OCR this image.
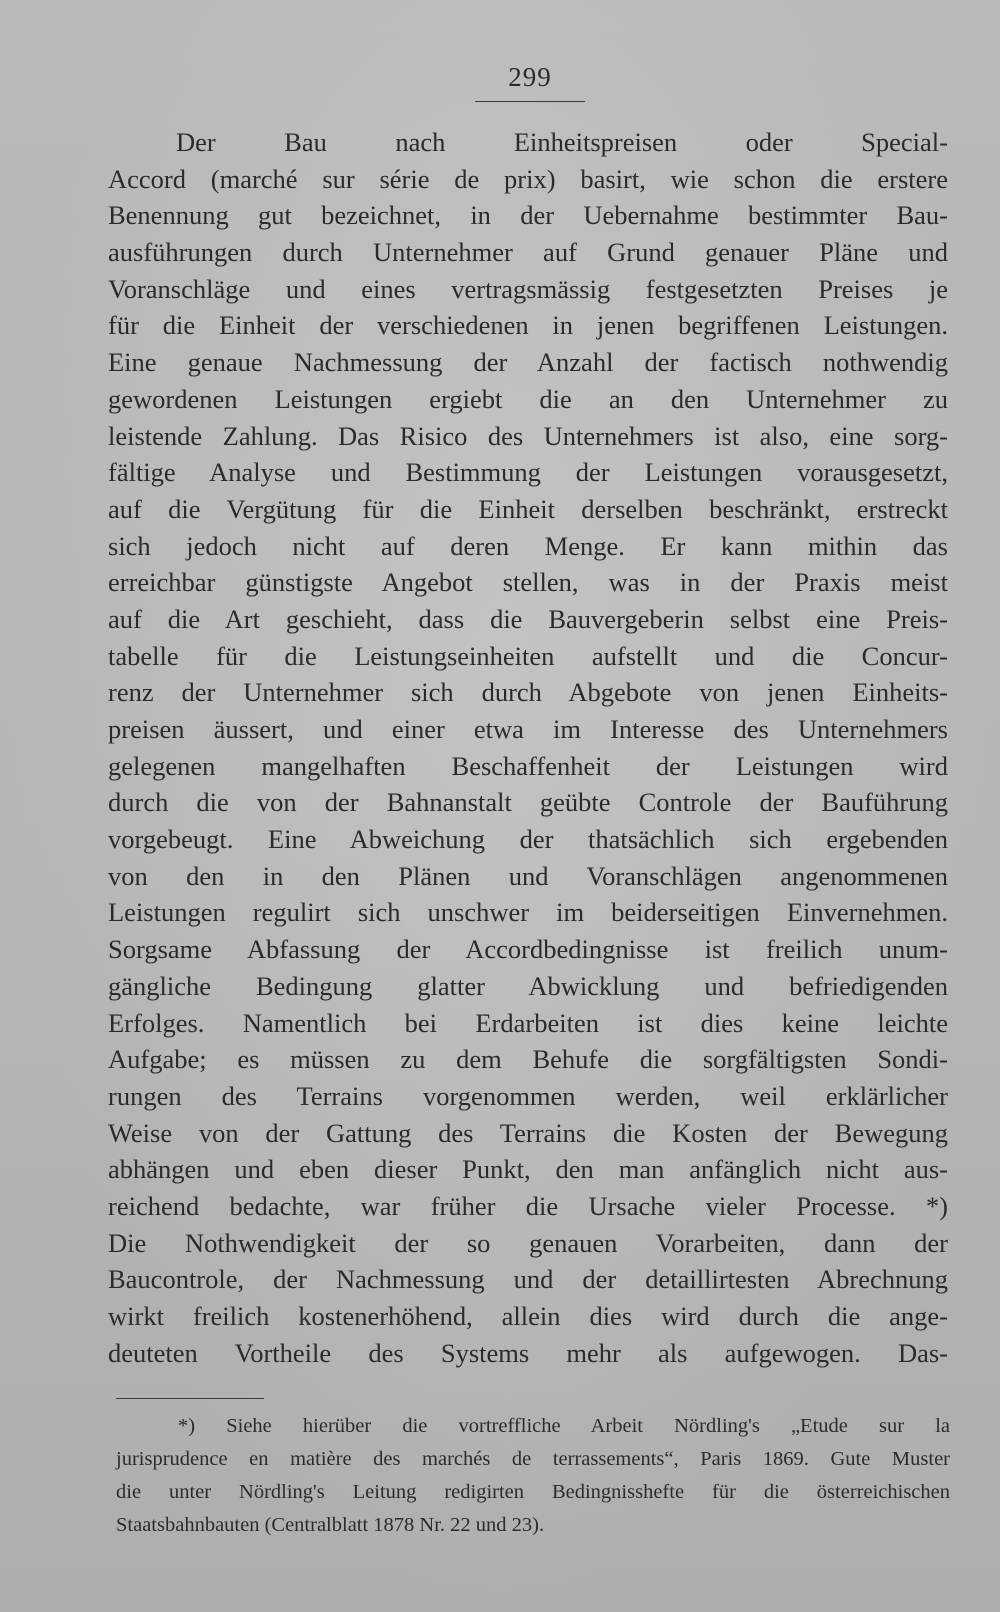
299
Der Bau nach Einheitspreisen oder Special-
Accord (marché sur série de prix) basirt, wie schon die erstere
Benennung gut bezeichnet, in der Uebernahme bestimmter Bau-
ausführungen durch Unternehmer auf Grund genauer Pläne und
Voranschläge und eines vertragsmässig festgesetzten Preises je
für die Einheit der verschiedenen in jenen begriffenen Leistungen.
Eine genaue Nachmessung der Anzahl der factisch nothwendig
gewordenen Leistungen ergiebt die an den Unternehmer zu
leistende Zahlung. Das Risico des Unternehmers ist also, eine sorg-
fältige Analyse und Bestimmung der Leistungen vorausgesetzt,
auf die Vergütung für die Einheit derselben beschränkt, erstreckt
sich jedoch nicht auf deren Menge. Er kann mithin das
erreichbar günstigste Angebot stellen, was in der Praxis meist
auf die Art geschieht, dass die Bauvergeberin selbst eine Preis-
tabelle für die Leistungseinheiten aufstellt und die Concur-
renz der Unternehmer sich durch Abgebote von jenen Einheits-
preisen äussert, und einer etwa im Interesse des Unternehmers
gelegenen mangelhaften Beschaffenheit der Leistungen wird
durch die von der Bahnanstalt geübte Controle der Bauführung
vorgebeugt. Eine Abweichung der thatsächlich sich ergebenden
von den in den Plänen und Voranschlägen angenommenen
Leistungen regulirt sich unschwer im beiderseitigen Einvernehmen.
Sorgsame Abfassung der Accordbedingnisse ist freilich unum-
gängliche Bedingung glatter Abwicklung und befriedigenden
Erfolges. Namentlich bei Erdarbeiten ist dies keine leichte
Aufgabe; es müssen zu dem Behufe die sorgfältigsten Sondi-
rungen des Terrains vorgenommen werden, weil erklärlicher
Weise von der Gattung des Terrains die Kosten der Bewegung
abhängen und eben dieser Punkt, den man anfänglich nicht aus-
reichend bedachte, war früher die Ursache vieler Processe. *)
Die Nothwendigkeit der so genauen Vorarbeiten, dann der
Baucontrole, der Nachmessung und der detaillirtesten Abrechnung
wirkt freilich kostenerhöhend, allein dies wird durch die ange-
deuteten Vortheile des Systems mehr als aufgewogen. Das-
*) Siehe hierüber die vortreffliche Arbeit Nördling's „Etude sur la
jurisprudence en matière des marchés de terrassements“, Paris 1869. Gute Muster
die unter Nördling's Leitung redigirten Bedingnisshefte für die österreichischen
Staatsbahnbauten (Centralblatt 1878 Nr. 22 und 23).
